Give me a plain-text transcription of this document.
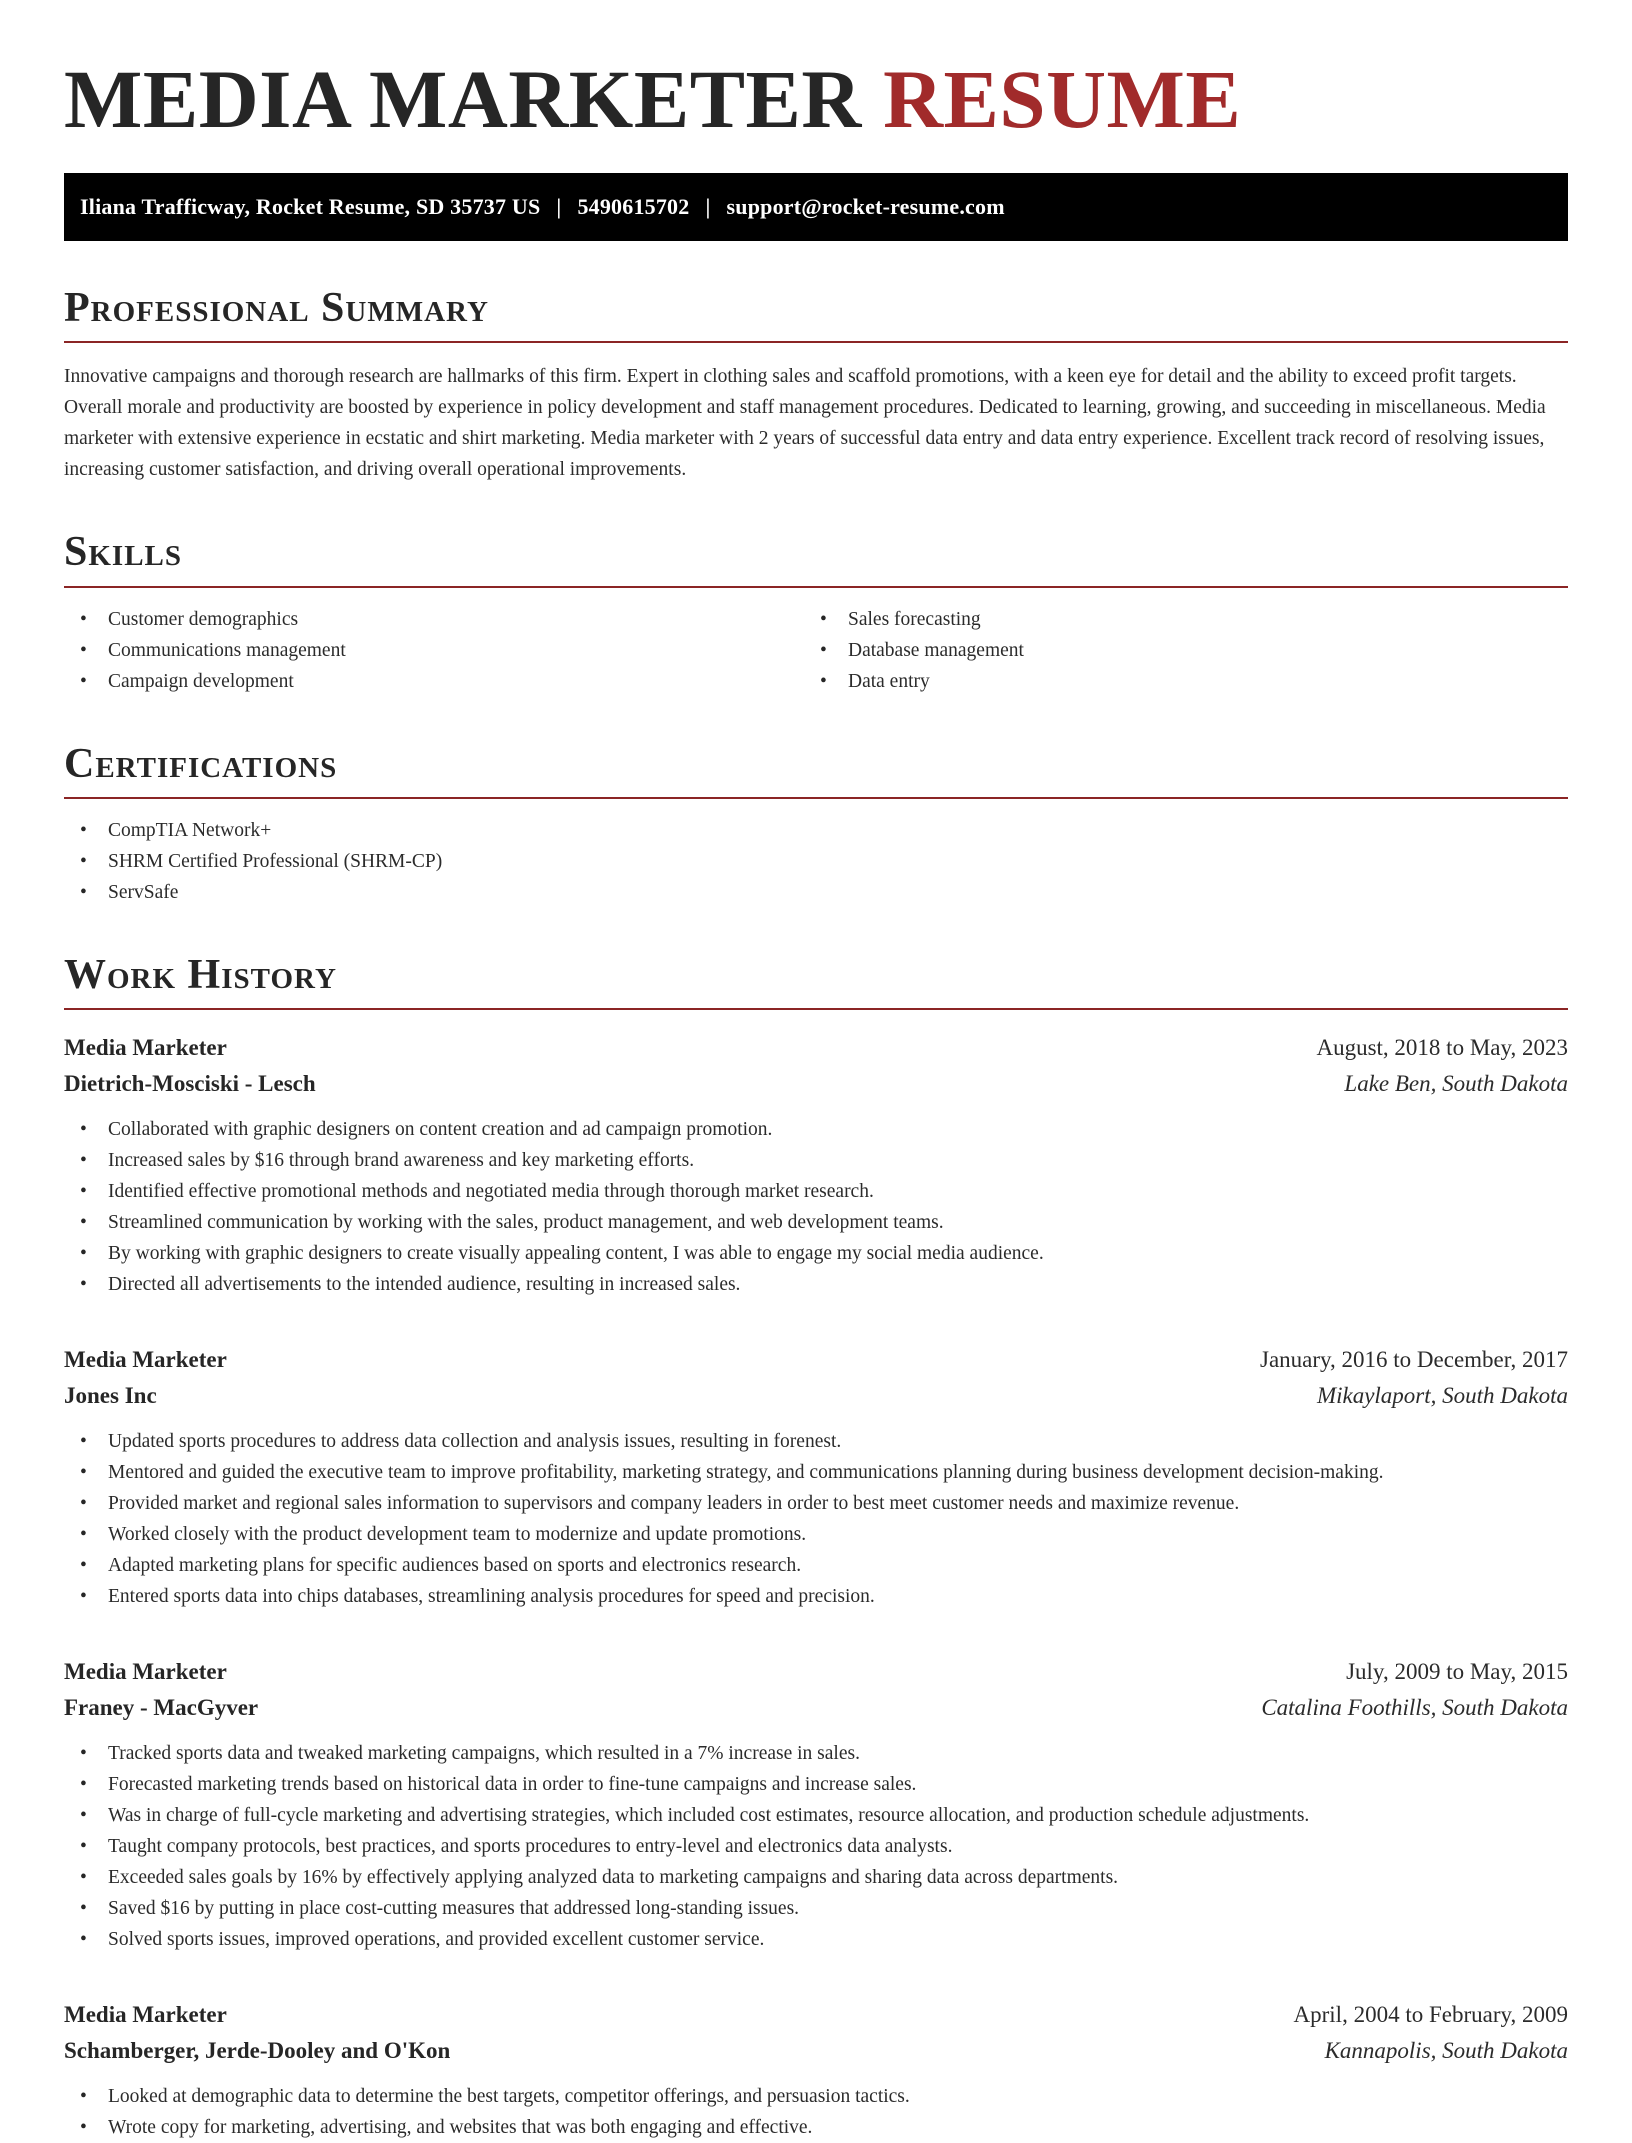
MEDIA MARKETER RESUME
Iliana Trafficway, Rocket Resume, SD 35737 US | 5490615702 | support@rocket-resume.com
Professional Summary

Innovative campaigns and thorough research are hallmarks of this firm. Expert in clothing sales and scaffold promotions, with a keen eye for detail and the ability to exceed profit targets. Overall morale and productivity are boosted by experience in policy development and staff management procedures. Dedicated to learning, growing, and succeeding in miscellaneous. Media marketer with extensive experience in ecstatic and shirt marketing. Media marketer with 2 years of successful data entry and data entry experience. Excellent track record of resolving issues, increasing customer satisfaction, and driving overall operational improvements.

Skills
• Customer demographics
• Communications management
• Campaign development
• Sales forecasting
• Database management
• Data entry
Certifications
• CompTIA Network+
• SHRM Certified Professional (SHRM-CP)
• ServSafe
Work History
Media Marketer	August, 2018 to May, 2023
Dietrich-Mosciski - Lesch	Lake Ben, South Dakota
• Collaborated with graphic designers on content creation and ad campaign promotion.
• Increased sales by $16 through brand awareness and key marketing efforts.
• Identified effective promotional methods and negotiated media through thorough market research.
• Streamlined communication by working with the sales, product management, and web development teams.
• By working with graphic designers to create visually appealing content, I was able to engage my social media audience.
• Directed all advertisements to the intended audience, resulting in increased sales.
Media Marketer	January, 2016 to December, 2017
Jones Inc	Mikaylaport, South Dakota
• Updated sports procedures to address data collection and analysis issues, resulting in forenest.
• Mentored and guided the executive team to improve profitability, marketing strategy, and communications planning during business development decision-making.
• Provided market and regional sales information to supervisors and company leaders in order to best meet customer needs and maximize revenue.
• Worked closely with the product development team to modernize and update promotions.
• Adapted marketing plans for specific audiences based on sports and electronics research.
• Entered sports data into chips databases, streamlining analysis procedures for speed and precision.
Media Marketer	July, 2009 to May, 2015
Franey - MacGyver	Catalina Foothills, South Dakota
• Tracked sports data and tweaked marketing campaigns, which resulted in a 7% increase in sales.
• Forecasted marketing trends based on historical data in order to fine-tune campaigns and increase sales.
• Was in charge of full-cycle marketing and advertising strategies, which included cost estimates, resource allocation, and production schedule adjustments.
• Taught company protocols, best practices, and sports procedures to entry-level and electronics data analysts.
• Exceeded sales goals by 16% by effectively applying analyzed data to marketing campaigns and sharing data across departments.
• Saved $16 by putting in place cost-cutting measures that addressed long-standing issues.
• Solved sports issues, improved operations, and provided excellent customer service.
Media Marketer	April, 2004 to February, 2009
Schamberger, Jerde-Dooley and O'Kon	Kannapolis, South Dakota
• Looked at demographic data to determine the best targets, competitor offerings, and persuasion tactics.
• Wrote copy for marketing, advertising, and websites that was both engaging and effective.
